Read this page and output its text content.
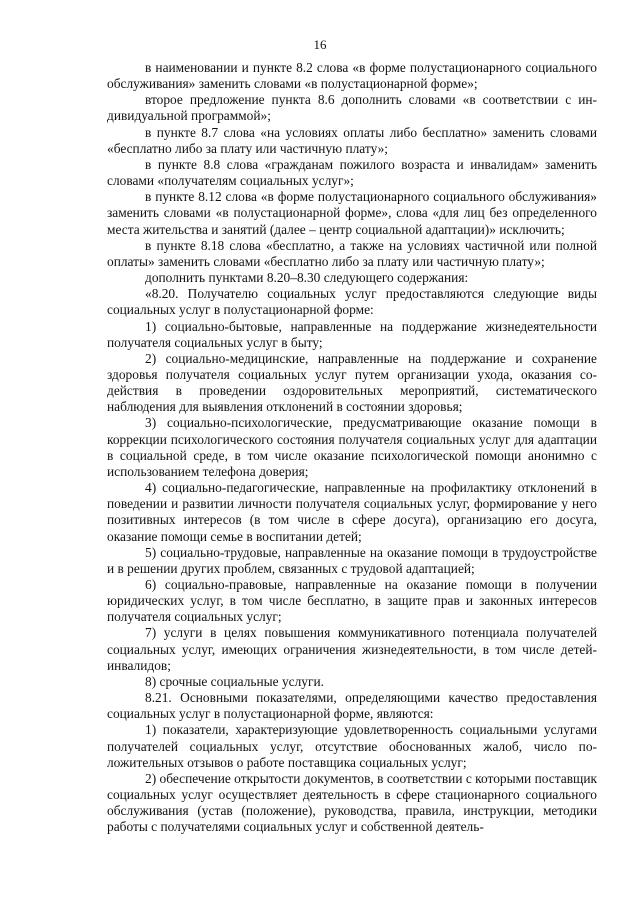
16

в наименовании и пункте 8.2 слова «в форме полустационарного социального обслуживания» заменить словами «в полустационарной форме»;

второе предложение пункта 8.6 дополнить словами «в соответствии с индивидуальной программой»;

в пункте 8.7 слова «на условиях оплаты либо бесплатно» заменить словами «бесплатно либо за плату или частичную плату»;

в пункте 8.8 слова «гражданам пожилого возраста и инвалидам» заменить словами «получателям социальных услуг»;

в пункте 8.12 слова «в форме полустационарного социального обслуживания» заменить словами «в полустационарной форме», слова «для лиц без определенного места жительства и занятий (далее – центр социальной адаптации)» исключить;

в пункте 8.18 слова «бесплатно, а также на условиях частичной или полной оплаты» заменить словами «бесплатно либо за плату или частичную плату»;

дополнить пунктами 8.20–8.30 следующего содержания:

«8.20. Получателю социальных услуг предоставляются следующие виды социальных услуг в полустационарной форме:

1) социально-бытовые, направленные на поддержание жизнедеятельности получателя социальных услуг в быту;

2) социально-медицинские, направленные на поддержание и сохранение здоровья получателя социальных услуг путем организации ухода, оказания содействия в проведении оздоровительных мероприятий, систематического наблюдения для выявления отклонений в состоянии здоровья;

3) социально-психологические, предусматривающие оказание помощи в коррекции психологического состояния получателя социальных услуг для адаптации в социальной среде, в том числе оказание психологической помощи анонимно с использованием телефона доверия;

4) социально-педагогические, направленные на профилактику отклонений в поведении и развитии личности получателя социальных услуг, формирование у него позитивных интересов (в том числе в сфере досуга), организацию его досуга, оказание помощи семье в воспитании детей;

5) социально-трудовые, направленные на оказание помощи в трудоустройстве и в решении других проблем, связанных с трудовой адаптацией;

6) социально-правовые, направленные на оказание помощи в получении юридических услуг, в том числе бесплатно, в защите прав и законных интересов получателя социальных услуг;

7) услуги в целях повышения коммуникативного потенциала получателей социальных услуг, имеющих ограничения жизнедеятельности, в том числе детей-инвалидов;

8) срочные социальные услуги.

8.21. Основными показателями, определяющими качество предоставления социальных услуг в полустационарной форме, являются:

1) показатели, характеризующие удовлетворенность социальными услугами получателей социальных услуг, отсутствие обоснованных жалоб, число положительных отзывов о работе поставщика социальных услуг;

2) обеспечение открытости документов, в соответствии с которыми поставщик социальных услуг осуществляет деятельность в сфере стационарного социального обслуживания (устав (положение), руководства, правила, инструкции, методики работы с получателями социальных услуг и собственной деятель-
